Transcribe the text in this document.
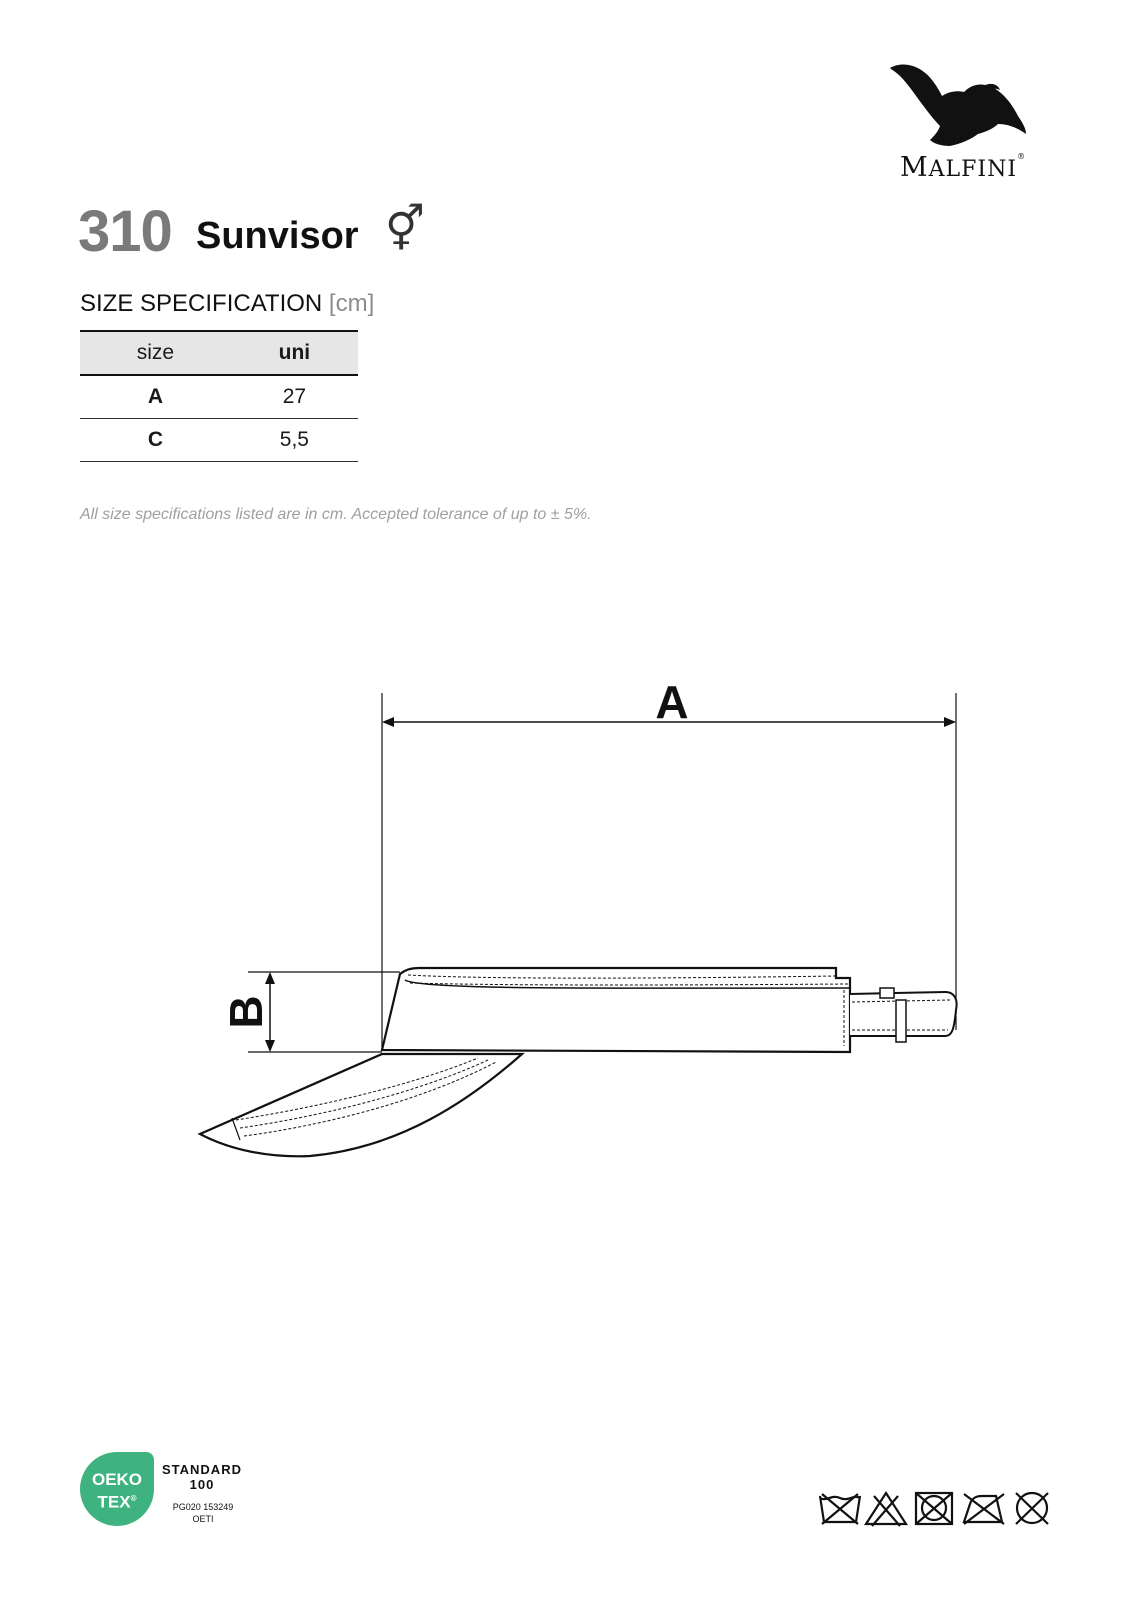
MALFINI®
310 Sunvisor ⚥
SIZE SPECIFICATION [cm]
size	uni
A	27
C	5,5
All size specifications listed are in cm. Accepted tolerance of up to ± 5%.
A
B
OEKO
TEX®
STANDARD
100
PG020 153249
OETI
